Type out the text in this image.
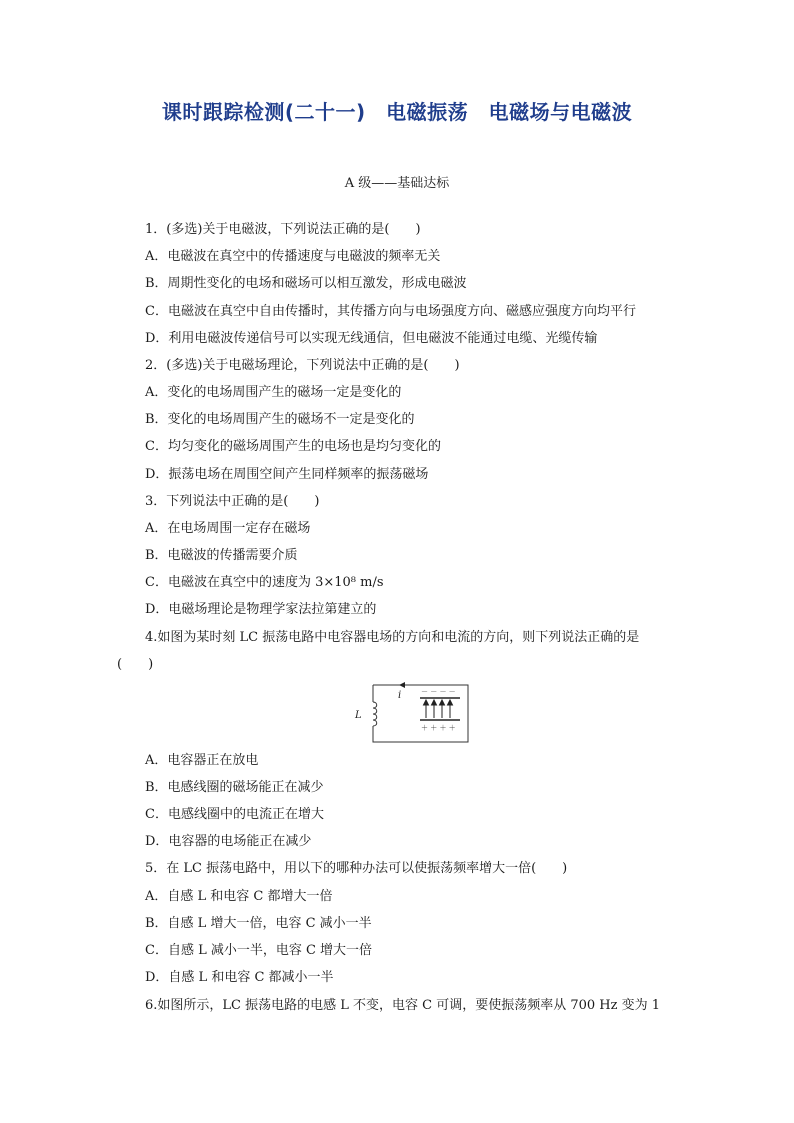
课时跟踪检测(二十一)　电磁振荡　电磁场与电磁波
A 级——基础达标
1．(多选)关于电磁波，下列说法正确的是(　　)
A．电磁波在真空中的传播速度与电磁波的频率无关
B．周期性变化的电场和磁场可以相互激发，形成电磁波
C．电磁波在真空中自由传播时，其传播方向与电场强度方向、磁感应强度方向均平行
D．利用电磁波传递信号可以实现无线通信，但电磁波不能通过电缆、光缆传输
2．(多选)关于电磁场理论，下列说法中正确的是(　　)
A．变化的电场周围产生的磁场一定是变化的
B．变化的电场周围产生的磁场不一定是变化的
C．均匀变化的磁场周围产生的电场也是均匀变化的
D．振荡电场在周围空间产生同样频率的振荡磁场
3．下列说法中正确的是(　　)
A．在电场周围一定存在磁场
B．电磁波的传播需要介质
C．电磁波在真空中的速度为 3×10⁸ m/s
D．电磁场理论是物理学家法拉第建立的
4.如图为某时刻 LC 振荡电路中电容器电场的方向和电流的方向，则下列说法正确的是
(　　)
L
i	－ － － －
＋ ＋ ＋ ＋
A．电容器正在放电
B．电感线圈的磁场能正在减少
C．电感线圈中的电流正在增大
D．电容器的电场能正在减少
5．在 LC 振荡电路中，用以下的哪种办法可以使振荡频率增大一倍(　　)
A．自感 L 和电容 C 都增大一倍
B．自感 L 增大一倍，电容 C 减小一半
C．自感 L 减小一半，电容 C 增大一倍
D．自感 L 和电容 C 都减小一半
6.如图所示，LC 振荡电路的电感 L 不变，电容 C 可调，要使振荡频率从 700 Hz 变为 1
